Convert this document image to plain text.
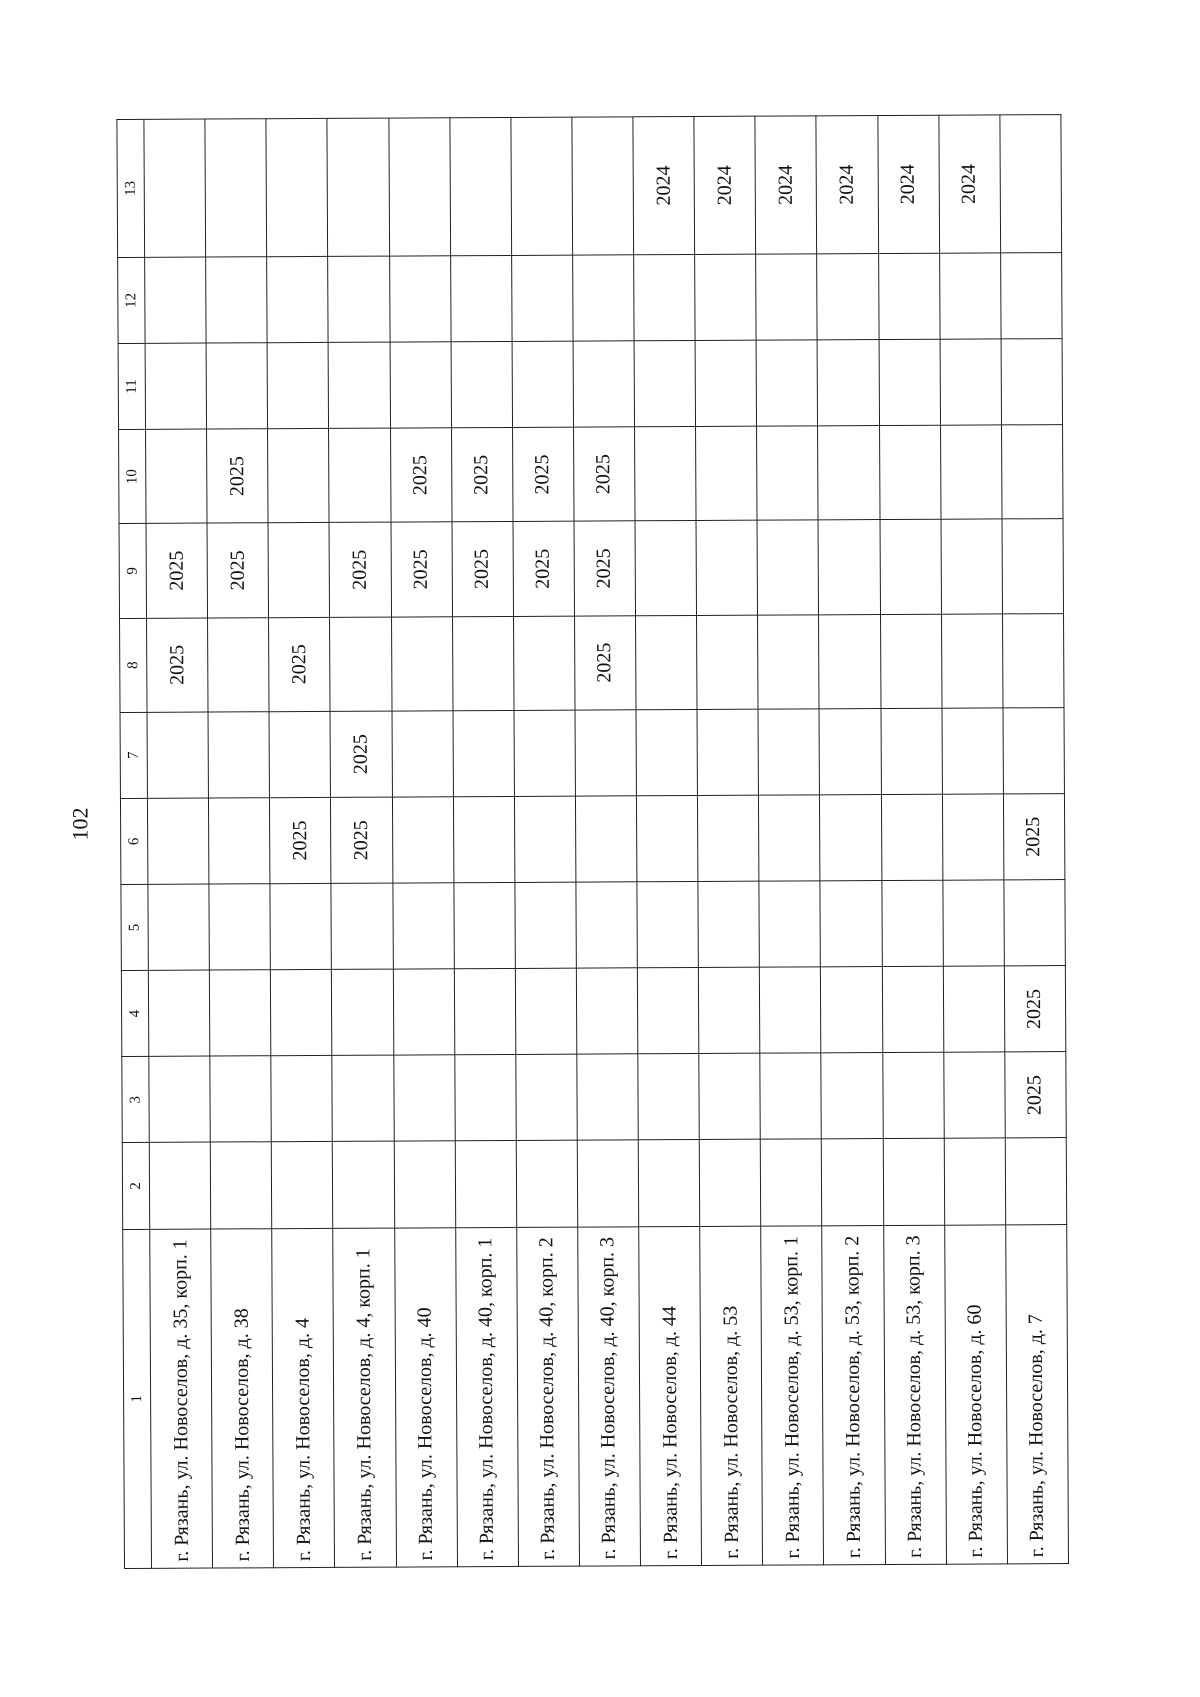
102
1	2	3	4	5	6	7	8	9	10	11	12	13
г. Рязань, ул. Новоселов, д. 35, корп. 1							2025	2025				
г. Рязань, ул. Новоселов, д. 38								2025	2025			
г. Рязань, ул. Новоселов, д. 4					2025		2025					
г. Рязань, ул. Новоселов, д. 4, корп. 1					2025	2025		2025				
г. Рязань, ул. Новоселов, д. 40								2025	2025			
г. Рязань, ул. Новоселов, д. 40, корп. 1								2025	2025			
г. Рязань, ул. Новоселов, д. 40, корп. 2								2025	2025			
г. Рязань, ул. Новоселов, д. 40, корп. 3							2025	2025	2025			
г. Рязань, ул. Новоселов, д. 44												2024
г. Рязань, ул. Новоселов, д. 53												2024
г. Рязань, ул. Новоселов, д. 53, корп. 1												2024
г. Рязань, ул. Новоселов, д. 53, корп. 2												2024
г. Рязань, ул. Новоселов, д. 53, корп. 3												2024
г. Рязань, ул. Новоселов, д. 60												2024
г. Рязань, ул. Новоселов, д. 7		2025	2025		2025							
